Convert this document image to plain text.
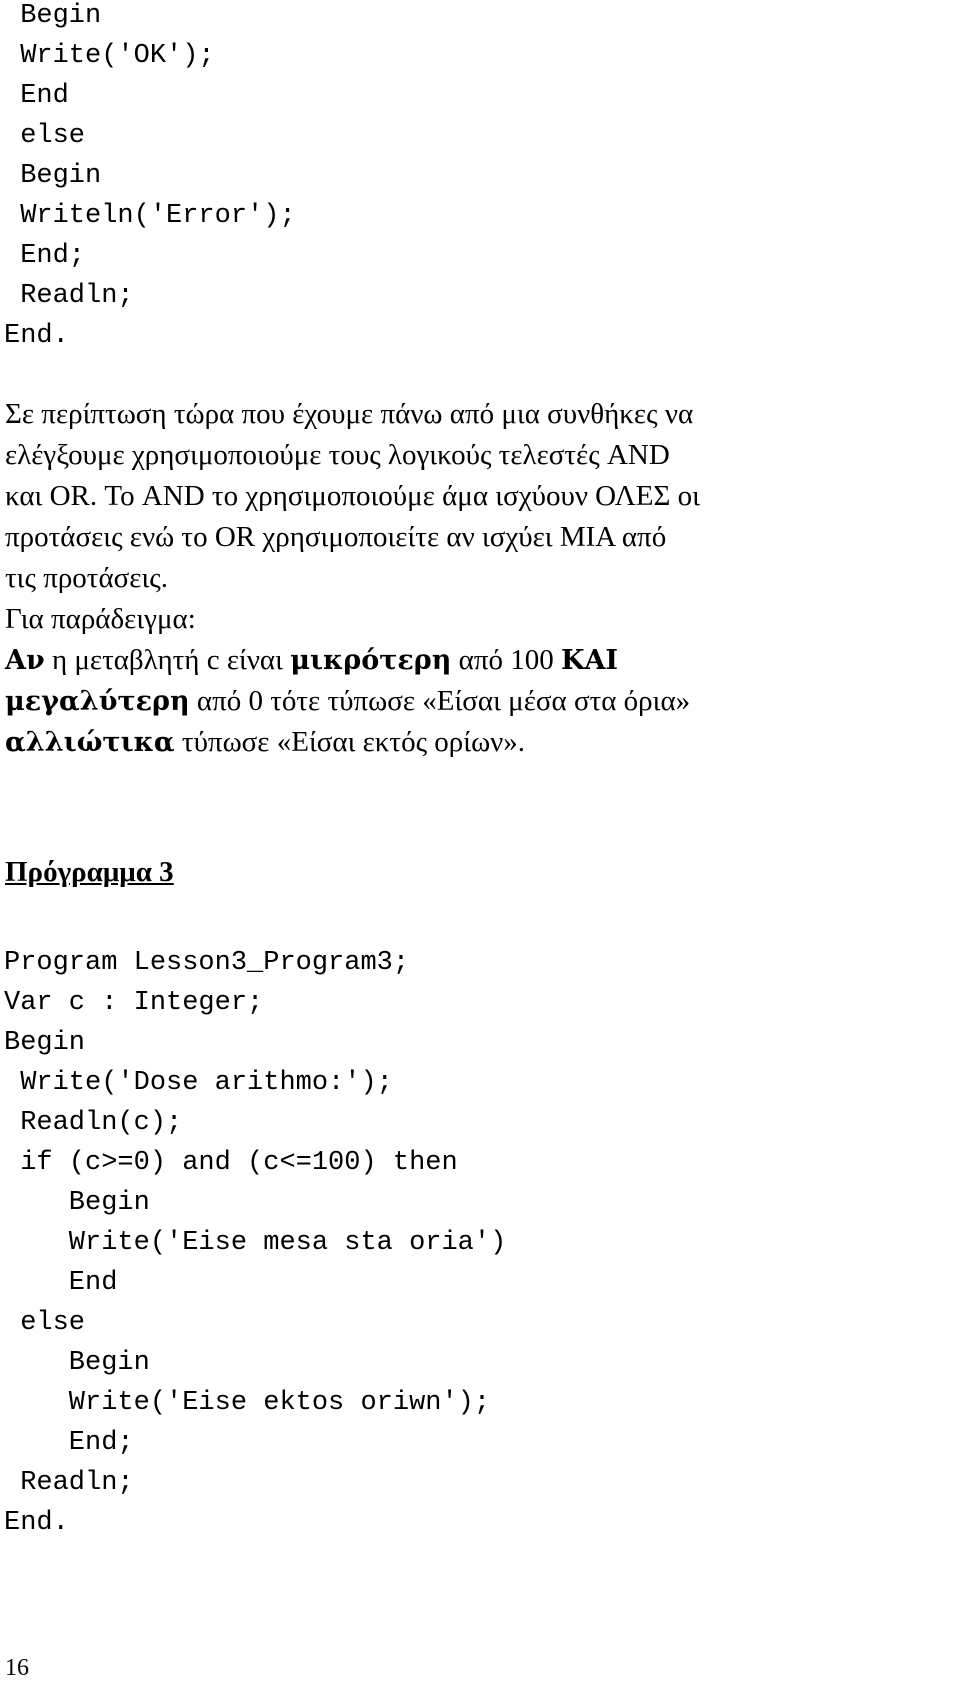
Begin
Write('OK');
End
else
Begin
Writeln('Error');
End;
Readln;
End.

Σε περίπτωση τώρα που έχουμε πάνω από μια συνθήκες να
ελέγξουμε χρησιμοποιούμε τους λογικούς τελεστές AND
και OR. Το AND το χρησιμοποιούμε άμα ισχύουν ΟΛΕΣ οι
προτάσεις ενώ το OR χρησιμοποιείτε αν ισχύει ΜΙΑ από
τις προτάσεις.

Για παράδειγμα:
Αν η μεταβλητή c είναι μικρότερη από 100 ΚΑΙ
μεγαλύτερη από 0 τότε τύπωσε «Είσαι μέσα στα όρια»
αλλιώτικα τύπωσε «Είσαι εκτός ορίων».

Πρόγραμμα 3
Program Lesson3_Program3;
Var c : Integer;
Begin
Write('Dose arithmo:');
Readln(c);
if (c>=0) and (c<=100) then
Begin
Write('Eise mesa sta oria')
End
else
Begin
Write('Eise ektos oriwn');
End;
Readln;
End.
16
